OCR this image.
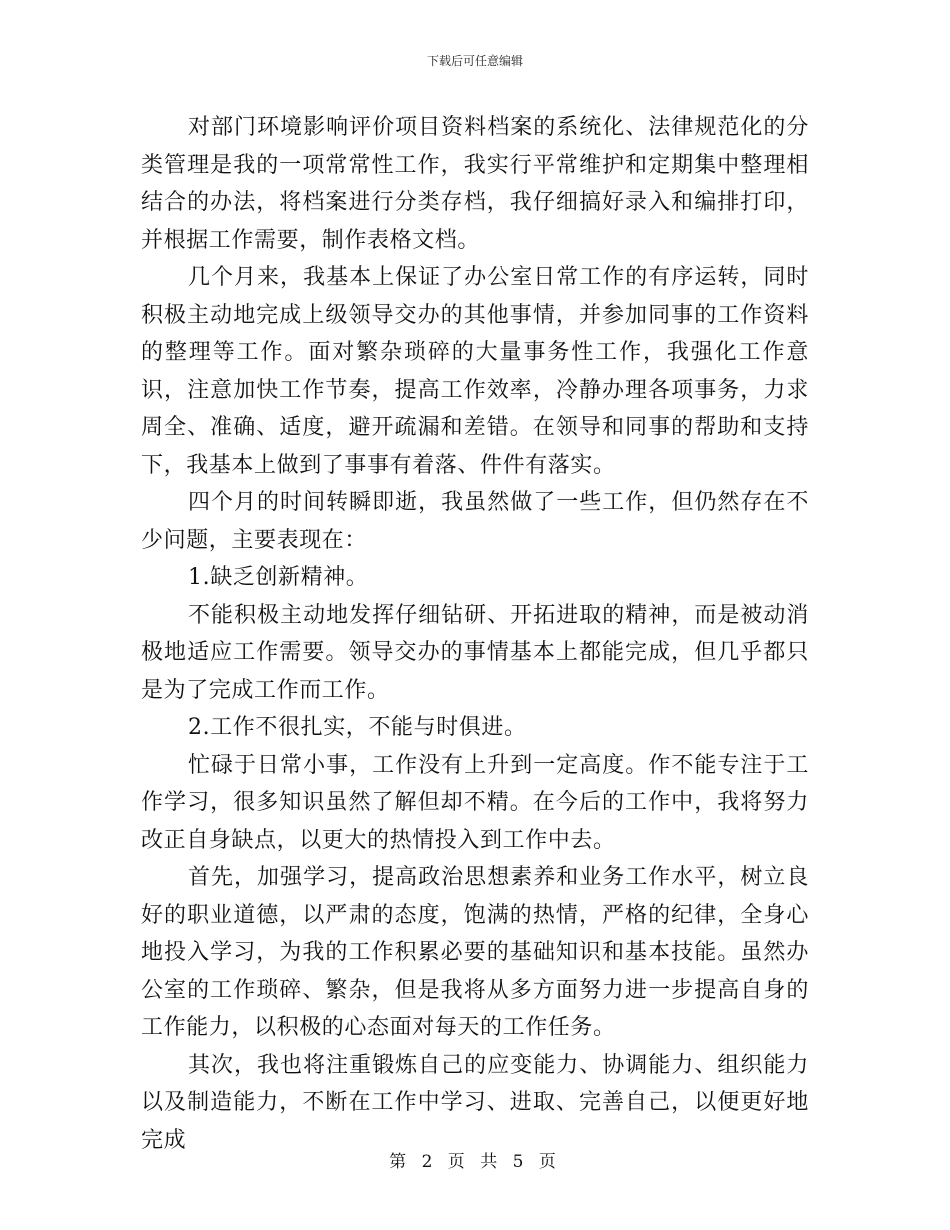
下载后可任意编辑

对部门环境影响评价项目资料档案的系统化、法律规范化的分类管理是我的一项常常性工作，我实行平常维护和定期集中整理相结合的办法，将档案进行分类存档，我仔细搞好录入和编排打印，并根据工作需要，制作表格文档。

几个月来，我基本上保证了办公室日常工作的有序运转，同时积极主动地完成上级领导交办的其他事情，并参加同事的工作资料的整理等工作。面对繁杂琐碎的大量事务性工作，我强化工作意识，注意加快工作节奏，提高工作效率，冷静办理各项事务，力求周全、准确、适度，避开疏漏和差错。在领导和同事的帮助和支持下，我基本上做到了事事有着落、件件有落实。

四个月的时间转瞬即逝，我虽然做了一些工作，但仍然存在不少问题，主要表现在：

1.缺乏创新精神。

不能积极主动地发挥仔细钻研、开拓进取的精神，而是被动消极地适应工作需要。领导交办的事情基本上都能完成，但几乎都只是为了完成工作而工作。

2.工作不很扎实，不能与时俱进。

忙碌于日常小事，工作没有上升到一定高度。作不能专注于工作学习，很多知识虽然了解但却不精。在今后的工作中，我将努力改正自身缺点，以更大的热情投入到工作中去。

首先，加强学习，提高政治思想素养和业务工作水平，树立良好的职业道德，以严肃的态度，饱满的热情，严格的纪律，全身心地投入学习，为我的工作积累必要的基础知识和基本技能。虽然办公室的工作琐碎、繁杂，但是我将从多方面努力进一步提高自身的工作能力，以积极的心态面对每天的工作任务。

其次，我也将注重锻炼自己的应变能力、协调能力、组织能力以及制造能力，不断在工作中学习、进取、完善自己，以便更好地完成

第 2 页 共 5 页
